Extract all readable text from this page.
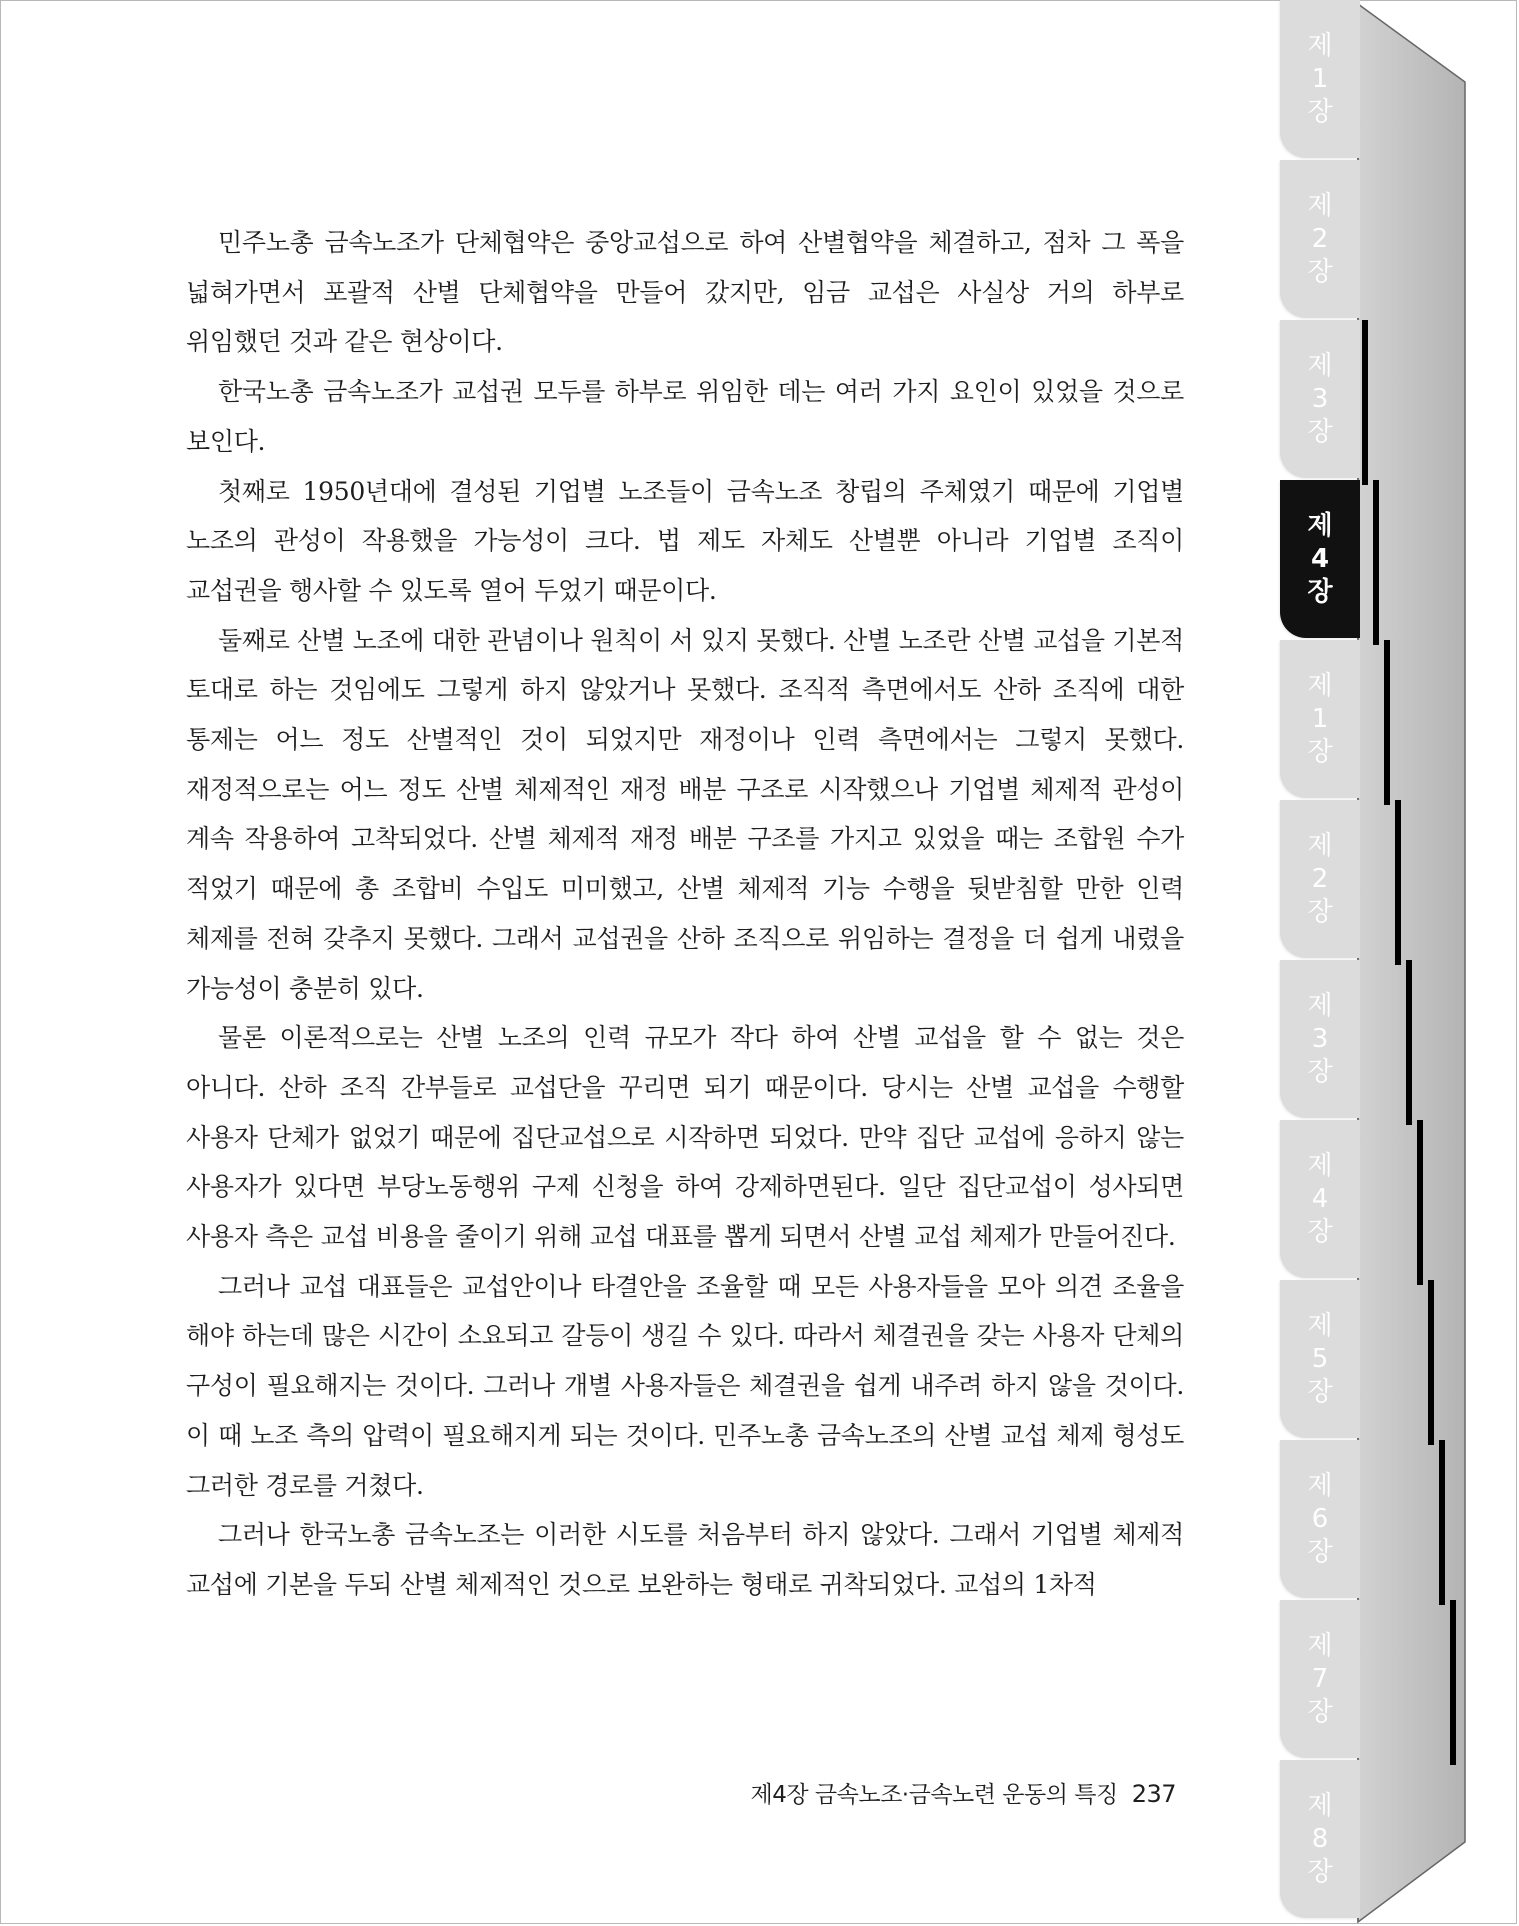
민주노총 금속노조가 단체협약은 중앙교섭으로 하여 산별협약을 체결하고, 점차 그 폭을 넓혀가면서 포괄적 산별 단체협약을 만들어 갔지만, 임금 교섭은 사실상 거의 하부로 위임했던 것과 같은 현상이다.

한국노총 금속노조가 교섭권 모두를 하부로 위임한 데는 여러 가지 요인이 있었을 것으로 보인다.

첫째로 1950년대에 결성된 기업별 노조들이 금속노조 창립의 주체였기 때문에 기업별 노조의 관성이 작용했을 가능성이 크다. 법 제도 자체도 산별뿐 아니라 기업별 조직이 교섭권을 행사할 수 있도록 열어 두었기 때문이다.

둘째로 산별 노조에 대한 관념이나 원칙이 서 있지 못했다. 산별 노조란 산별 교섭을 기본적 토대로 하는 것임에도 그렇게 하지 않았거나 못했다. 조직적 측면에서도 산하 조직에 대한 통제는 어느 정도 산별적인 것이 되었지만 재정이나 인력 측면에서는 그렇지 못했다. 재정적으로는 어느 정도 산별 체제적인 재정 배분 구조로 시작했으나 기업별 체제적 관성이 계속 작용하여 고착되었다. 산별 체제적 재정 배분 구조를 가지고 있었을 때는 조합원 수가 적었기 때문에 총 조합비 수입도 미미했고, 산별 체제적 기능 수행을 뒷받침할 만한 인력 체제를 전혀 갖추지 못했다. 그래서 교섭권을 산하 조직으로 위임하는 결정을 더 쉽게 내렸을 가능성이 충분히 있다.

물론 이론적으로는 산별 노조의 인력 규모가 작다 하여 산별 교섭을 할 수 없는 것은 아니다. 산하 조직 간부들로 교섭단을 꾸리면 되기 때문이다. 당시는 산별 교섭을 수행할 사용자 단체가 없었기 때문에 집단교섭으로 시작하면 되었다. 만약 집단 교섭에 응하지 않는 사용자가 있다면 부당노동행위 구제 신청을 하여 강제하면된다. 일단 집단교섭이 성사되면 사용자 측은 교섭 비용을 줄이기 위해 교섭 대표를 뽑게 되면서 산별 교섭 체제가 만들어진다.

그러나 교섭 대표들은 교섭안이나 타결안을 조율할 때 모든 사용자들을 모아 의견 조율을 해야 하는데 많은 시간이 소요되고 갈등이 생길 수 있다. 따라서 체결권을 갖는 사용자 단체의 구성이 필요해지는 것이다. 그러나 개별 사용자들은 체결권을 쉽게 내주려 하지 않을 것이다. 이 때 노조 측의 압력이 필요해지게 되는 것이다. 민주노총 금속노조의 산별 교섭 체제 형성도 그러한 경로를 거쳤다.

그러나 한국노총 금속노조는 이러한 시도를 처음부터 하지 않았다. 그래서 기업별 체제적 교섭에 기본을 두되 산별 체제적인 것으로 보완하는 형태로 귀착되었다. 교섭의 1차적

제4장 금속노조·금속노련 운동의 특징 237
제1장
제2장
제3장
제4장
제1장
제2장
제3장
제4장
제5장
제6장
제7장
제8장
